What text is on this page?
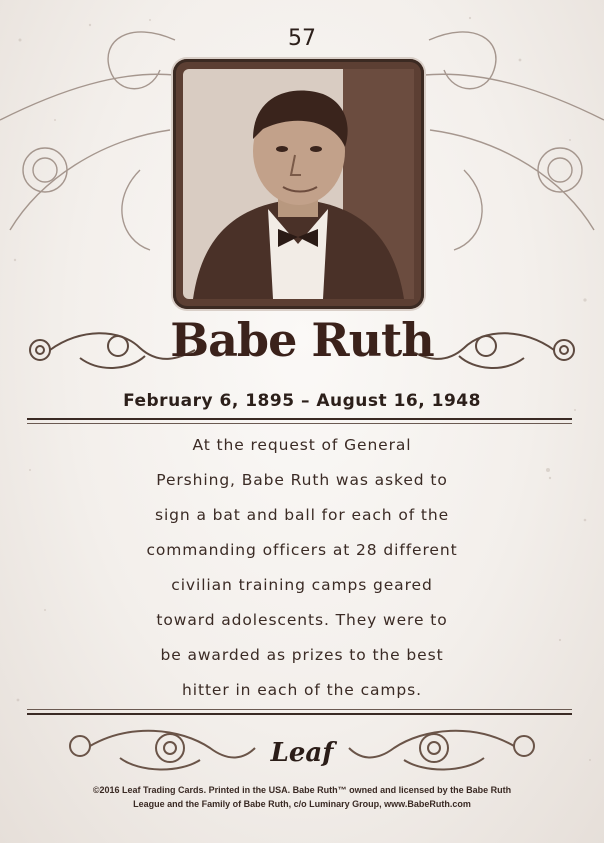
57
Babe Ruth
February 6, 1895 – August 16, 1948
At the request of General
Pershing, Babe Ruth was asked to
sign a bat and ball for each of the
commanding officers at 28 different
civilian training camps geared
toward adolescents. They were to
be awarded as prizes to the best
hitter in each of the camps.
Leaf
©2016 Leaf Trading Cards. Printed in the USA. Babe Ruth™ owned and licensed by the Babe Ruth
League and the Family of Babe Ruth, c/o Luminary Group, www.BabeRuth.com
